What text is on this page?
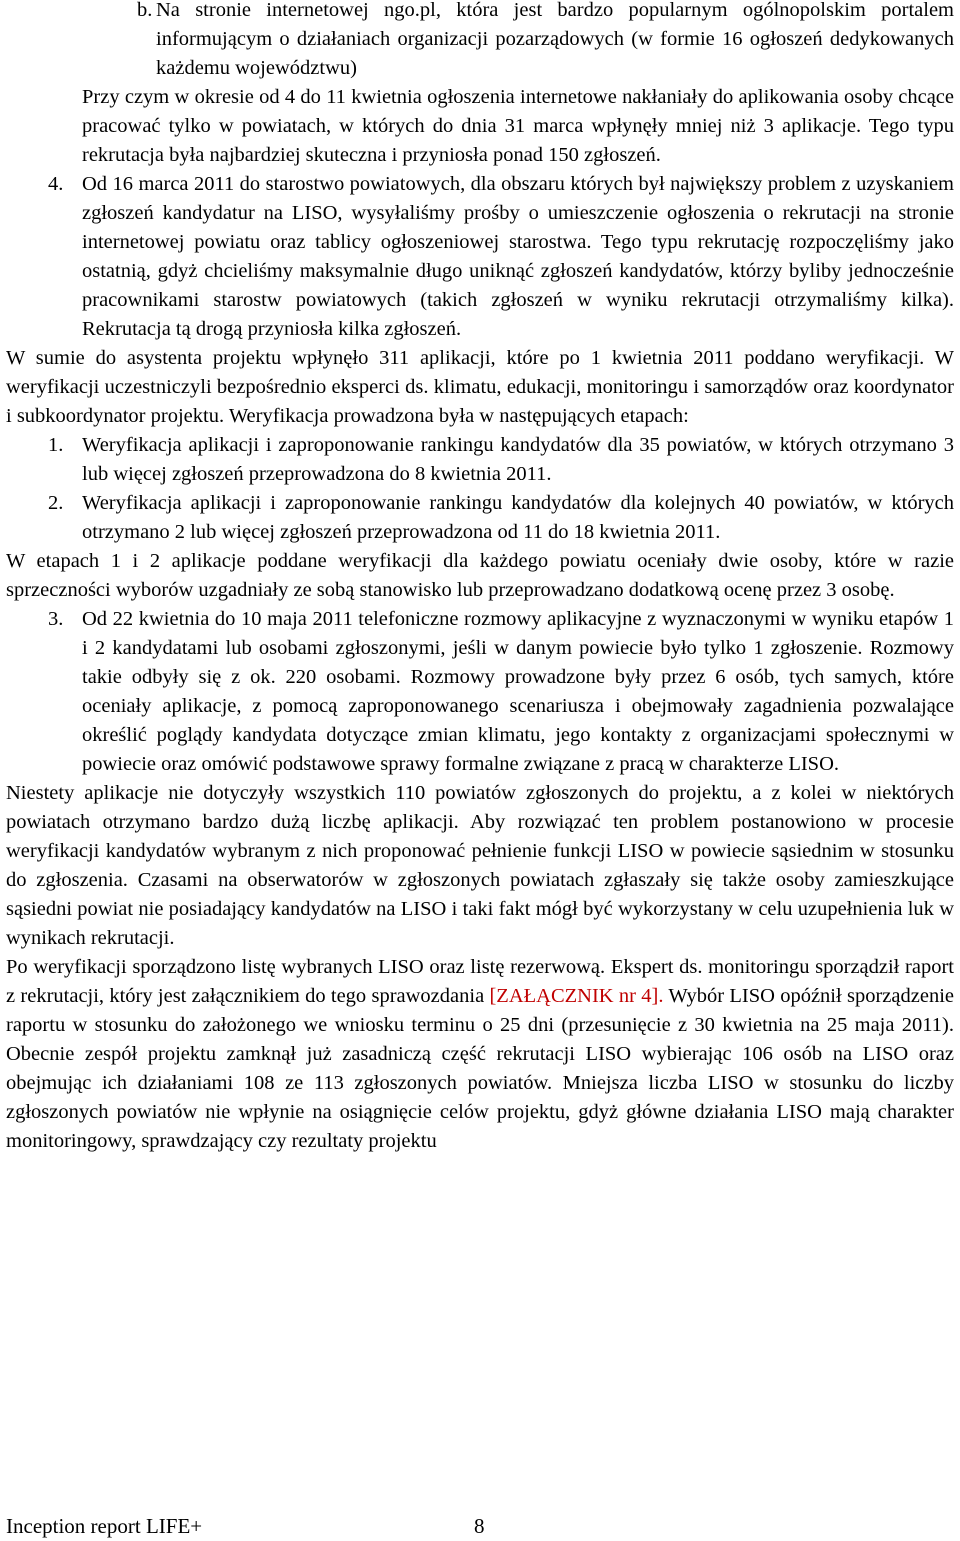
b. Na stronie internetowej ngo.pl, która jest bardzo popularnym ogólnopolskim portalem informującym o działaniach organizacji pozarządowych (w formie 16 ogłoszeń dedykowanych każdemu województwu)
Przy czym w okresie od 4 do 11 kwietnia ogłoszenia internetowe nakłaniały do aplikowania osoby chcące pracować tylko w powiatach, w których do dnia 31 marca wpłynęły mniej niż 3 aplikacje. Tego typu rekrutacja była najbardziej skuteczna i przyniosła ponad 150 zgłoszeń.
4. Od 16 marca 2011 do starostwo powiatowych, dla obszaru których był największy problem z uzyskaniem zgłoszeń kandydatur na LISO, wysyłaliśmy prośby o umieszczenie ogłoszenia o rekrutacji na stronie internetowej powiatu oraz tablicy ogłoszeniowej starostwa. Tego typu rekrutację rozpoczęliśmy jako ostatnią, gdyż chcieliśmy maksymalnie długo uniknąć zgłoszeń kandydatów, którzy byliby jednocześnie pracownikami starostw powiatowych (takich zgłoszeń w wyniku rekrutacji otrzymaliśmy kilka). Rekrutacja tą drogą przyniosła kilka zgłoszeń.

W sumie do asystenta projektu wpłynęło 311 aplikacji, które po 1 kwietnia 2011 poddano weryfikacji. W weryfikacji uczestniczyli bezpośrednio eksperci ds. klimatu, edukacji, monitoringu i samorządów oraz koordynator i subkoordynator projektu. Weryfikacja prowadzona była w następujących etapach:

1. Weryfikacja aplikacji i zaproponowanie rankingu kandydatów dla 35 powiatów, w których otrzymano 3 lub więcej zgłoszeń przeprowadzona do 8 kwietnia 2011.
2. Weryfikacja aplikacji i zaproponowanie rankingu kandydatów dla kolejnych 40 powiatów, w których otrzymano 2 lub więcej zgłoszeń przeprowadzona od 11 do 18 kwietnia 2011.

W etapach 1 i 2 aplikacje poddane weryfikacji dla każdego powiatu oceniały dwie osoby, które w razie sprzeczności wyborów uzgadniały ze sobą stanowisko lub przeprowadzano dodatkową ocenę przez 3 osobę.

3. Od 22 kwietnia do 10 maja 2011 telefoniczne rozmowy aplikacyjne z wyznaczonymi w wyniku etapów 1 i 2 kandydatami lub osobami zgłoszonymi, jeśli w danym powiecie było tylko 1 zgłoszenie. Rozmowy takie odbyły się z ok. 220 osobami. Rozmowy prowadzone były przez 6 osób, tych samych, które oceniały aplikacje, z pomocą zaproponowanego scenariusza i obejmowały zagadnienia pozwalające określić poglądy kandydata dotyczące zmian klimatu, jego kontakty z organizacjami społecznymi w powiecie oraz omówić podstawowe sprawy formalne związane z pracą w charakterze LISO.

Niestety aplikacje nie dotyczyły wszystkich 110 powiatów zgłoszonych do projektu, a z kolei w niektórych powiatach otrzymano bardzo dużą liczbę aplikacji. Aby rozwiązać ten problem postanowiono w procesie weryfikacji kandydatów wybranym z nich proponować pełnienie funkcji LISO w powiecie sąsiednim w stosunku do zgłoszenia. Czasami na obserwatorów w zgłoszonych powiatach zgłaszały się także osoby zamieszkujące sąsiedni powiat nie posiadający kandydatów na LISO i taki fakt mógł być wykorzystany w celu uzupełnienia luk w wynikach rekrutacji.

Po weryfikacji sporządzono listę wybranych LISO oraz listę rezerwową. Ekspert ds. monitoringu sporządził raport z rekrutacji, który jest załącznikiem do tego sprawozdania [ZAŁĄCZNIK nr 4]. Wybór LISO opóźnił sporządzenie raportu w stosunku do założonego we wniosku terminu o 25 dni (przesunięcie z 30 kwietnia na 25 maja 2011). Obecnie zespół projektu zamknął już zasadniczą część rekrutacji LISO wybierając 106 osób na LISO oraz obejmując ich działaniami 108 ze 113 zgłoszonych powiatów. Mniejsza liczba LISO w stosunku do liczby zgłoszonych powiatów nie wpłynie na osiągnięcie celów projektu, gdyż główne działania LISO mają charakter monitoringowy, sprawdzający czy rezultaty projektu

Inception report LIFE+	8
